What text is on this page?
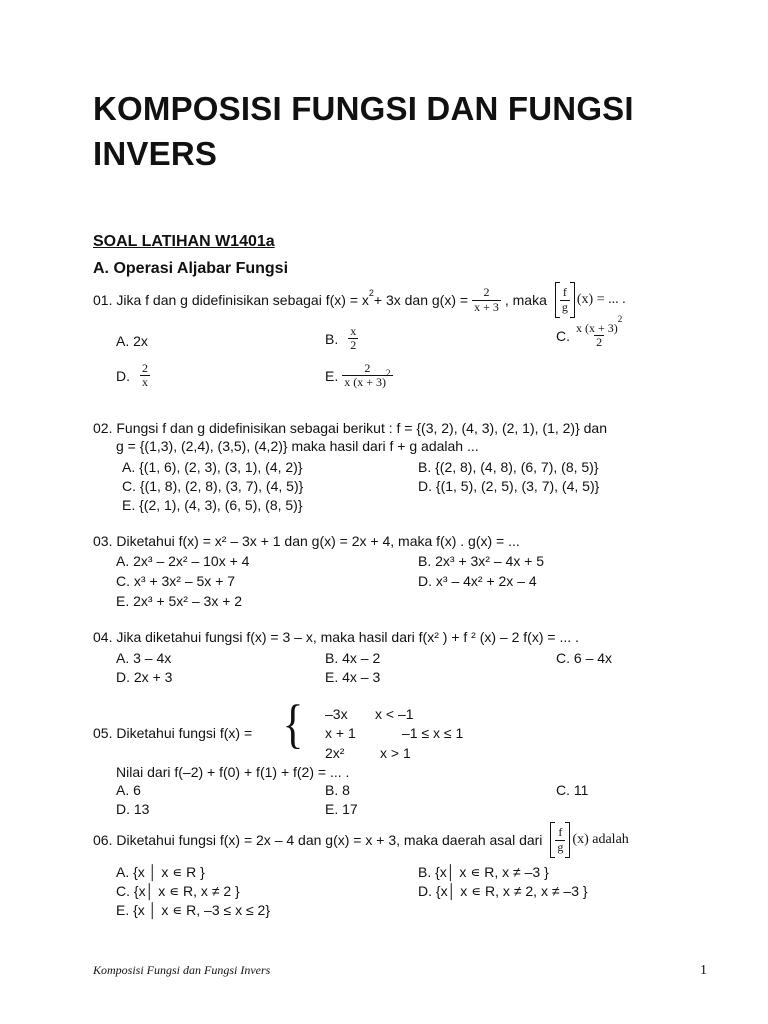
KOMPOSISI FUNGSI DAN FUNGSI INVERS
SOAL LATIHAN W1401a
A. Operasi Aljabar Fungsi
01. Jika f dan g didefinisikan sebagai $f(x) = x^2 + 3x$ dan $g(x) = \frac{2}{x + 3}$ , maka $\frac{f}{g} (x)$ = ... .
A. 2x	B. $\frac{x}{2}$	C. $\frac{x (x + 3)^2}{2}$
D. $\frac{2}{x}$	E. $\frac{2}{x (x + 3)^2}$
02. Fungsi f dan g didefinisikan sebagai berikut : f = {(3, 2), (4, 3), (2, 1), (1, 2)} dan
g = {(1,3), (2,4), (3,5), (4,2)} maka hasil dari f + g adalah ...
A. {(1, 6), (2, 3), (3, 1), (4, 2)}	B. {(2, 8), (4, 8), (6, 7), (8, 5)}
C. {(1, 8), (2, 8), (3, 7), (4, 5)}	D. {(1, 5), (2, 5), (3, 7), (4, 5)}
E. {(2, 1), (4, 3), (6, 5), (8, 5)}
03. Diketahui f(x) = x² – 3x + 1 dan g(x) = 2x + 4, maka f(x) . g(x) = ...
A. 2x³ – 2x² – 10x + 4	B. 2x³ + 3x² – 4x + 5
C. x³ + 3x² – 5x + 7	D. x³ – 4x² + 2x – 4
E. 2x³ + 5x² – 3x + 2
04. Jika diketahui fungsi f(x) = 3 – x, maka hasil dari f(x² ) + f ² (x) – 2 f(x) = ... .
A. 3 – 4x	B. 4x – 2	C. 6 – 4x
D. 2x + 3	E. 4x – 3
05. Diketahui fungsi f(x) = { –3x x < –1
x + 1	–1 ≤ x ≤ 1
2x²	x > 1
Nilai dari f(–2) + f(0) + f(1) + f(2) = ... .
A. 6	B. 8	C. 11
D. 13	E. 17
06. Diketahui fungsi f(x) = 2x – 4 dan g(x) = x + 3, maka daerah asal dari $\frac{f}{g} (x)$ adalah
A. {x │ x ∊ R }	B. {x│ x ∊ R, x ≠ –3 }
C. {x│ x ∊ R, x ≠ 2 }	D. {x│ x ∊ R, x ≠ 2, x ≠ –3 }
E. {x │ x ∊ R, –3 ≤ x ≤ 2}
Komposisi Fungsi dan Fungsi Invers	1
